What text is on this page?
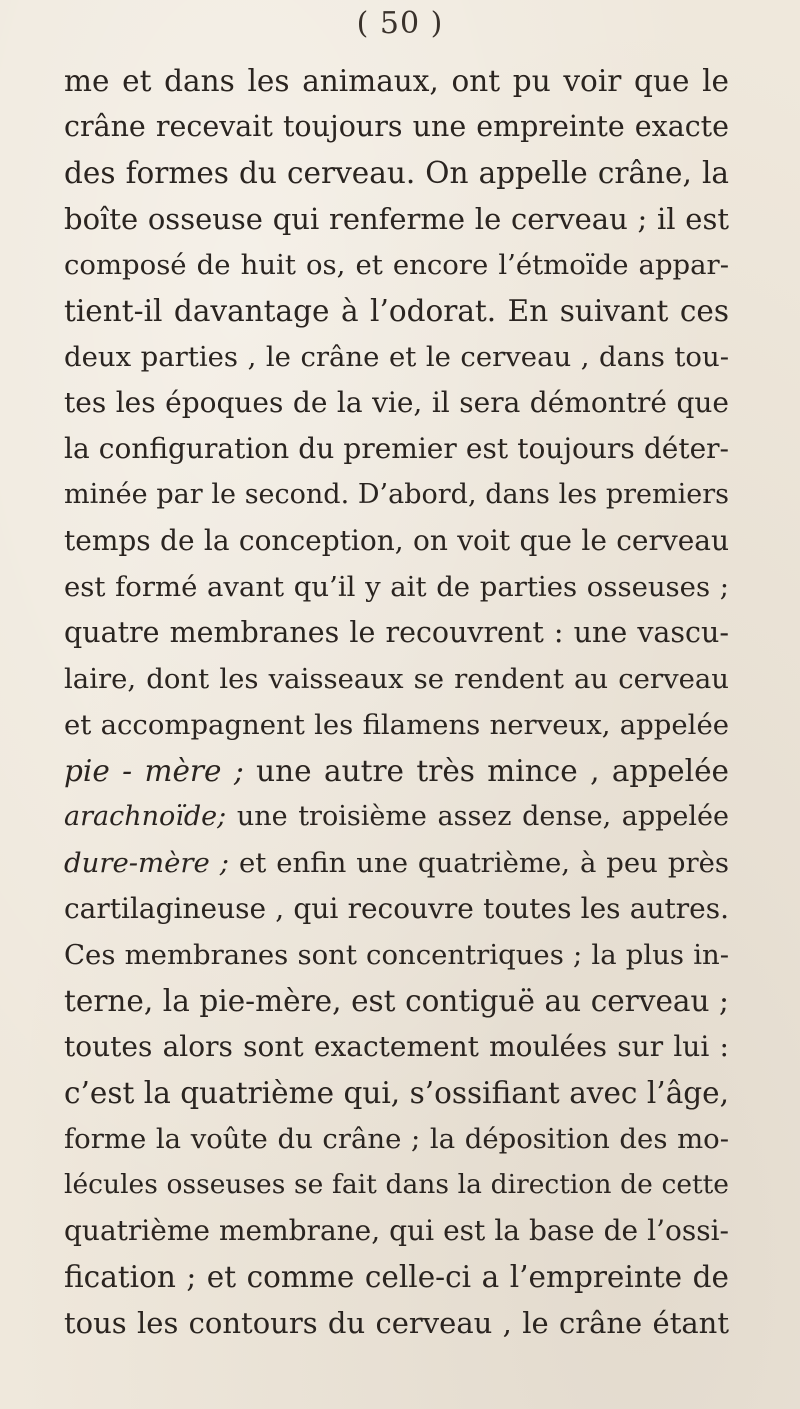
( 50 )
me et dans les animaux, ont pu voir que le
crâne recevait toujours une empreinte exacte
des formes du cerveau. On appelle crâne, la
boîte osseuse qui renferme le cerveau ; il est
composé de huit os, et encore l’étmoïde appar-
tient-il davantage à l’odorat. En suivant ces
deux parties , le crâne et le cerveau , dans tou-
tes les époques de la vie, il sera démontré que
la configuration du premier est toujours déter-
minée par le second. D’abord, dans les premiers
temps de la conception, on voit que le cerveau
est formé avant qu’il y ait de parties osseuses ;
quatre membranes le recouvrent : une vascu-
laire, dont les vaisseaux se rendent au cerveau
et accompagnent les filamens nerveux, appelée
pie - mère ; une autre très mince , appelée
arachnoïde; une troisième assez dense, appelée
dure-mère ; et enfin une quatrième, à peu près
cartilagineuse , qui recouvre toutes les autres.
Ces membranes sont concentriques ; la plus in-
terne, la pie-mère, est contiguë au cerveau ;
toutes alors sont exactement moulées sur lui :
c’est la quatrième qui, s’ossifiant avec l’âge,
forme la voûte du crâne ; la déposition des mo-
lécules osseuses se fait dans la direction de cette
quatrième membrane, qui est la base de l’ossi-
fication ; et comme celle-ci a l’empreinte de
tous les contours du cerveau , le crâne étant
